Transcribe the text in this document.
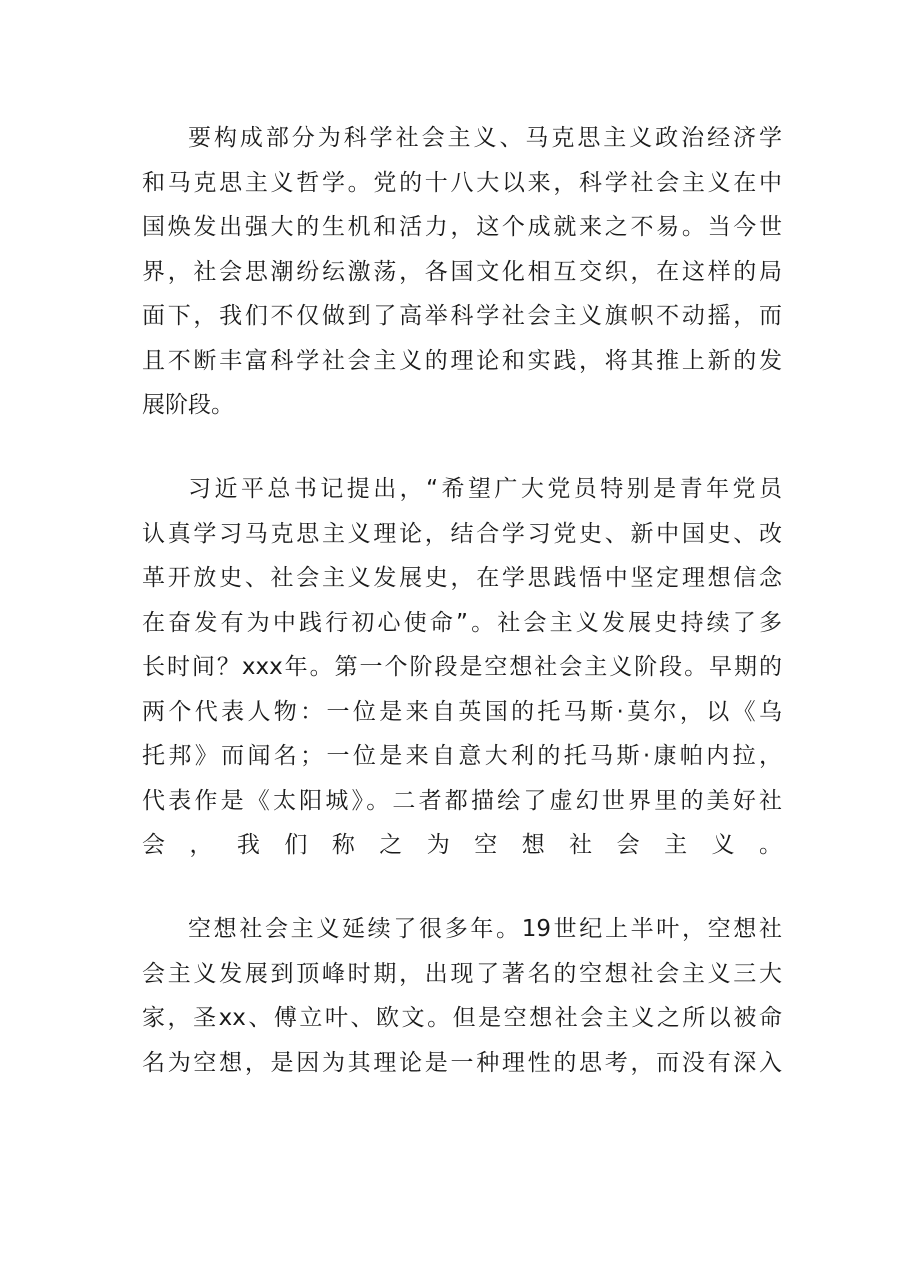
要构成部分为科学社会主义、马克思主义政治经济学
和马克思主义哲学。党的十八大以来，科学社会主义在中
国焕发出强大的生机和活力，这个成就来之不易。当今世
界，社会思潮纷纭激荡，各国文化相互交织，在这样的局
面下，我们不仅做到了高举科学社会主义旗帜不动摇，而
且不断丰富科学社会主义的理论和实践，将其推上新的发
展阶段。

习近平总书记提出，“希望广大党员特别是青年党员
认真学习马克思主义理论，结合学习党史、新中国史、改
革开放史、社会主义发展史，在学思践悟中坚定理想信念
在奋发有为中践行初心使命”。社会主义发展史持续了多
长时间？xxx年。第一个阶段是空想社会主义阶段。早期的
两个代表人物：一位是来自英国的托马斯·莫尔，以《乌
托邦》而闻名；一位是来自意大利的托马斯·康帕内拉，
代表作是《太阳城》。二者都描绘了虚幻世界里的美好社
会，我们称之为空想社会主义。

空想社会主义延续了很多年。19世纪上半叶，空想社
会主义发展到顶峰时期，出现了著名的空想社会主义三大
家，圣xx、傅立叶、欧文。但是空想社会主义之所以被命
名为空想，是因为其理论是一种理性的思考，而没有深入
